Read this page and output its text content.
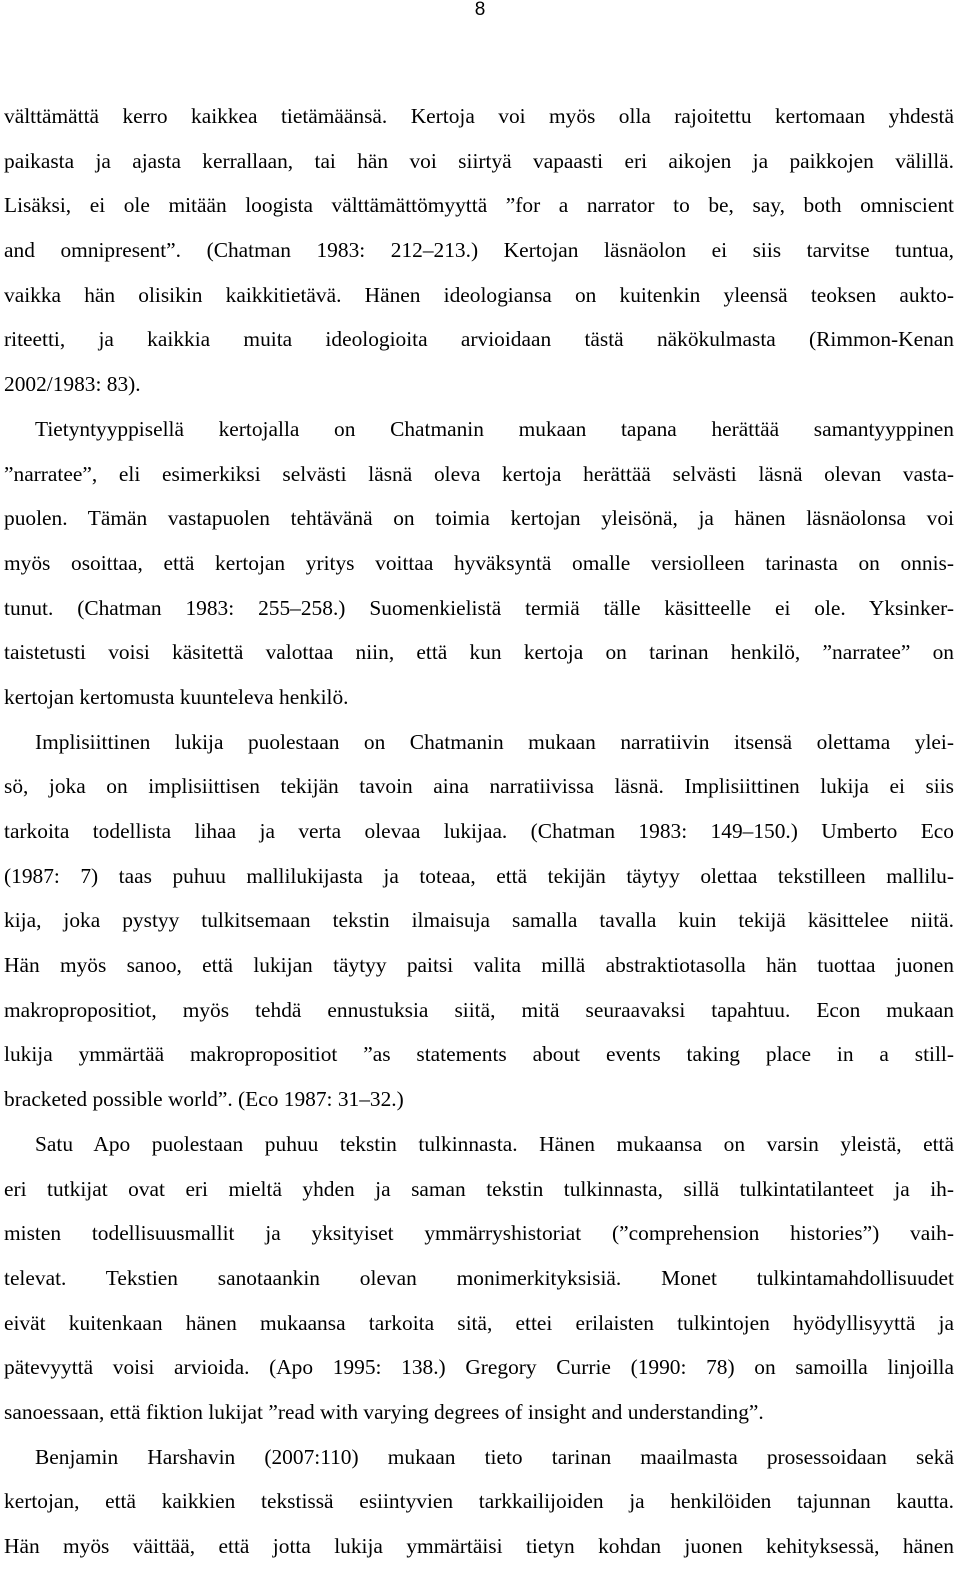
8

välttämättä kerro kaikkea tietämäänsä. Kertoja voi myös olla rajoitettu kertomaan yhdestä
paikasta ja ajasta kerrallaan, tai hän voi siirtyä vapaasti eri aikojen ja paikkojen välillä.
Lisäksi, ei ole mitään loogista välttämättömyyttä ”for a narrator to be, say, both omniscient
and omnipresent”. (Chatman 1983: 212–213.) Kertojan läsnäolon ei siis tarvitse tuntua,
vaikka hän olisikin kaikkitietävä. Hänen ideologiansa on kuitenkin yleensä teoksen aukto-
riteetti, ja kaikkia muita ideologioita arvioidaan tästä näkökulmasta (Rimmon-Kenan
2002/1983: 83).

Tietyntyyppisellä kertojalla on Chatmanin mukaan tapana herättää samantyyppinen
”narratee”, eli esimerkiksi selvästi läsnä oleva kertoja herättää selvästi läsnä olevan vasta-
puolen. Tämän vastapuolen tehtävänä on toimia kertojan yleisönä, ja hänen läsnäolonsa voi
myös osoittaa, että kertojan yritys voittaa hyväksyntä omalle versiolleen tarinasta on onnis-
tunut. (Chatman 1983: 255–258.) Suomenkielistä termiä tälle käsitteelle ei ole. Yksinker-
taistetusti voisi käsitettä valottaa niin, että kun kertoja on tarinan henkilö, ”narratee” on
kertojan kertomusta kuunteleva henkilö.

Implisiittinen lukija puolestaan on Chatmanin mukaan narratiivin itsensä olettama ylei-
sö, joka on implisiittisen tekijän tavoin aina narratiivissa läsnä. Implisiittinen lukija ei siis
tarkoita todellista lihaa ja verta olevaa lukijaa. (Chatman 1983: 149–150.) Umberto Eco
(1987: 7) taas puhuu mallilukijasta ja toteaa, että tekijän täytyy olettaa tekstilleen mallilu-
kija, joka pystyy tulkitsemaan tekstin ilmaisuja samalla tavalla kuin tekijä käsittelee niitä.
Hän myös sanoo, että lukijan täytyy paitsi valita millä abstraktiotasolla hän tuottaa juonen
makropropositiot, myös tehdä ennustuksia siitä, mitä seuraavaksi tapahtuu. Econ mukaan
lukija ymmärtää makropropositiot ”as statements about events taking place in a still-
bracketed possible world”. (Eco 1987: 31–32.)

Satu Apo puolestaan puhuu tekstin tulkinnasta. Hänen mukaansa on varsin yleistä, että
eri tutkijat ovat eri mieltä yhden ja saman tekstin tulkinnasta, sillä tulkintatilanteet ja ih-
misten todellisuusmallit ja yksityiset ymmärryshistoriat (”comprehension histories”) vaih-
televat. Tekstien sanotaankin olevan monimerkityksisiä. Monet tulkintamahdollisuudet
eivät kuitenkaan hänen mukaansa tarkoita sitä, ettei erilaisten tulkintojen hyödyllisyyttä ja
pätevyyttä voisi arvioida. (Apo 1995: 138.) Gregory Currie (1990: 78) on samoilla linjoilla
sanoessaan, että fiktion lukijat ”read with varying degrees of insight and understanding”.

Benjamin Harshavin (2007:110) mukaan tieto tarinan maailmasta prosessoidaan sekä
kertojan, että kaikkien tekstissä esiintyvien tarkkailijoiden ja henkilöiden tajunnan kautta.
Hän myös väittää, että jotta lukija ymmärtäisi tietyn kohdan juonen kehityksessä, hänen
